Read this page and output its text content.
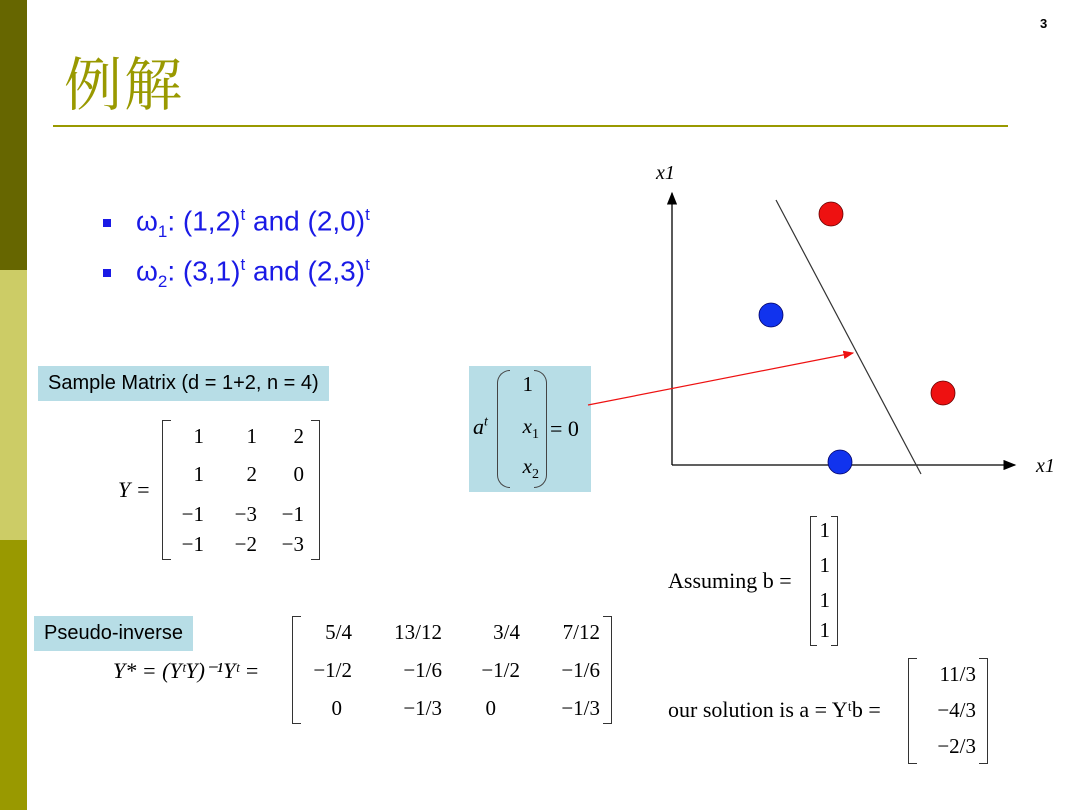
3
例解
$\omega_1$: $(1,2)^t$ and $(2,0)^t$
$\omega_2$: $(3,1)^t$ and $(2,3)^t$
Sample Matrix (d = 1+2, n = 4)
Y =
1	1	2
1	2	0
−1	−3	−1
−1	−2	−3
$a^t$
1
$x_1$
$x_2$
= 0
x1
x1
Assuming b =
1
1
1
1
Pseudo-inverse
Y* = (YᵗY)⁻¹Yᵗ =
5/4	13/12	3/4	7/12
−1/2	−1/6	−1/2	−1/6
0	−1/3	0	−1/3	our solution is a = Yᵗb =
11/3
−4/3
−2/3
